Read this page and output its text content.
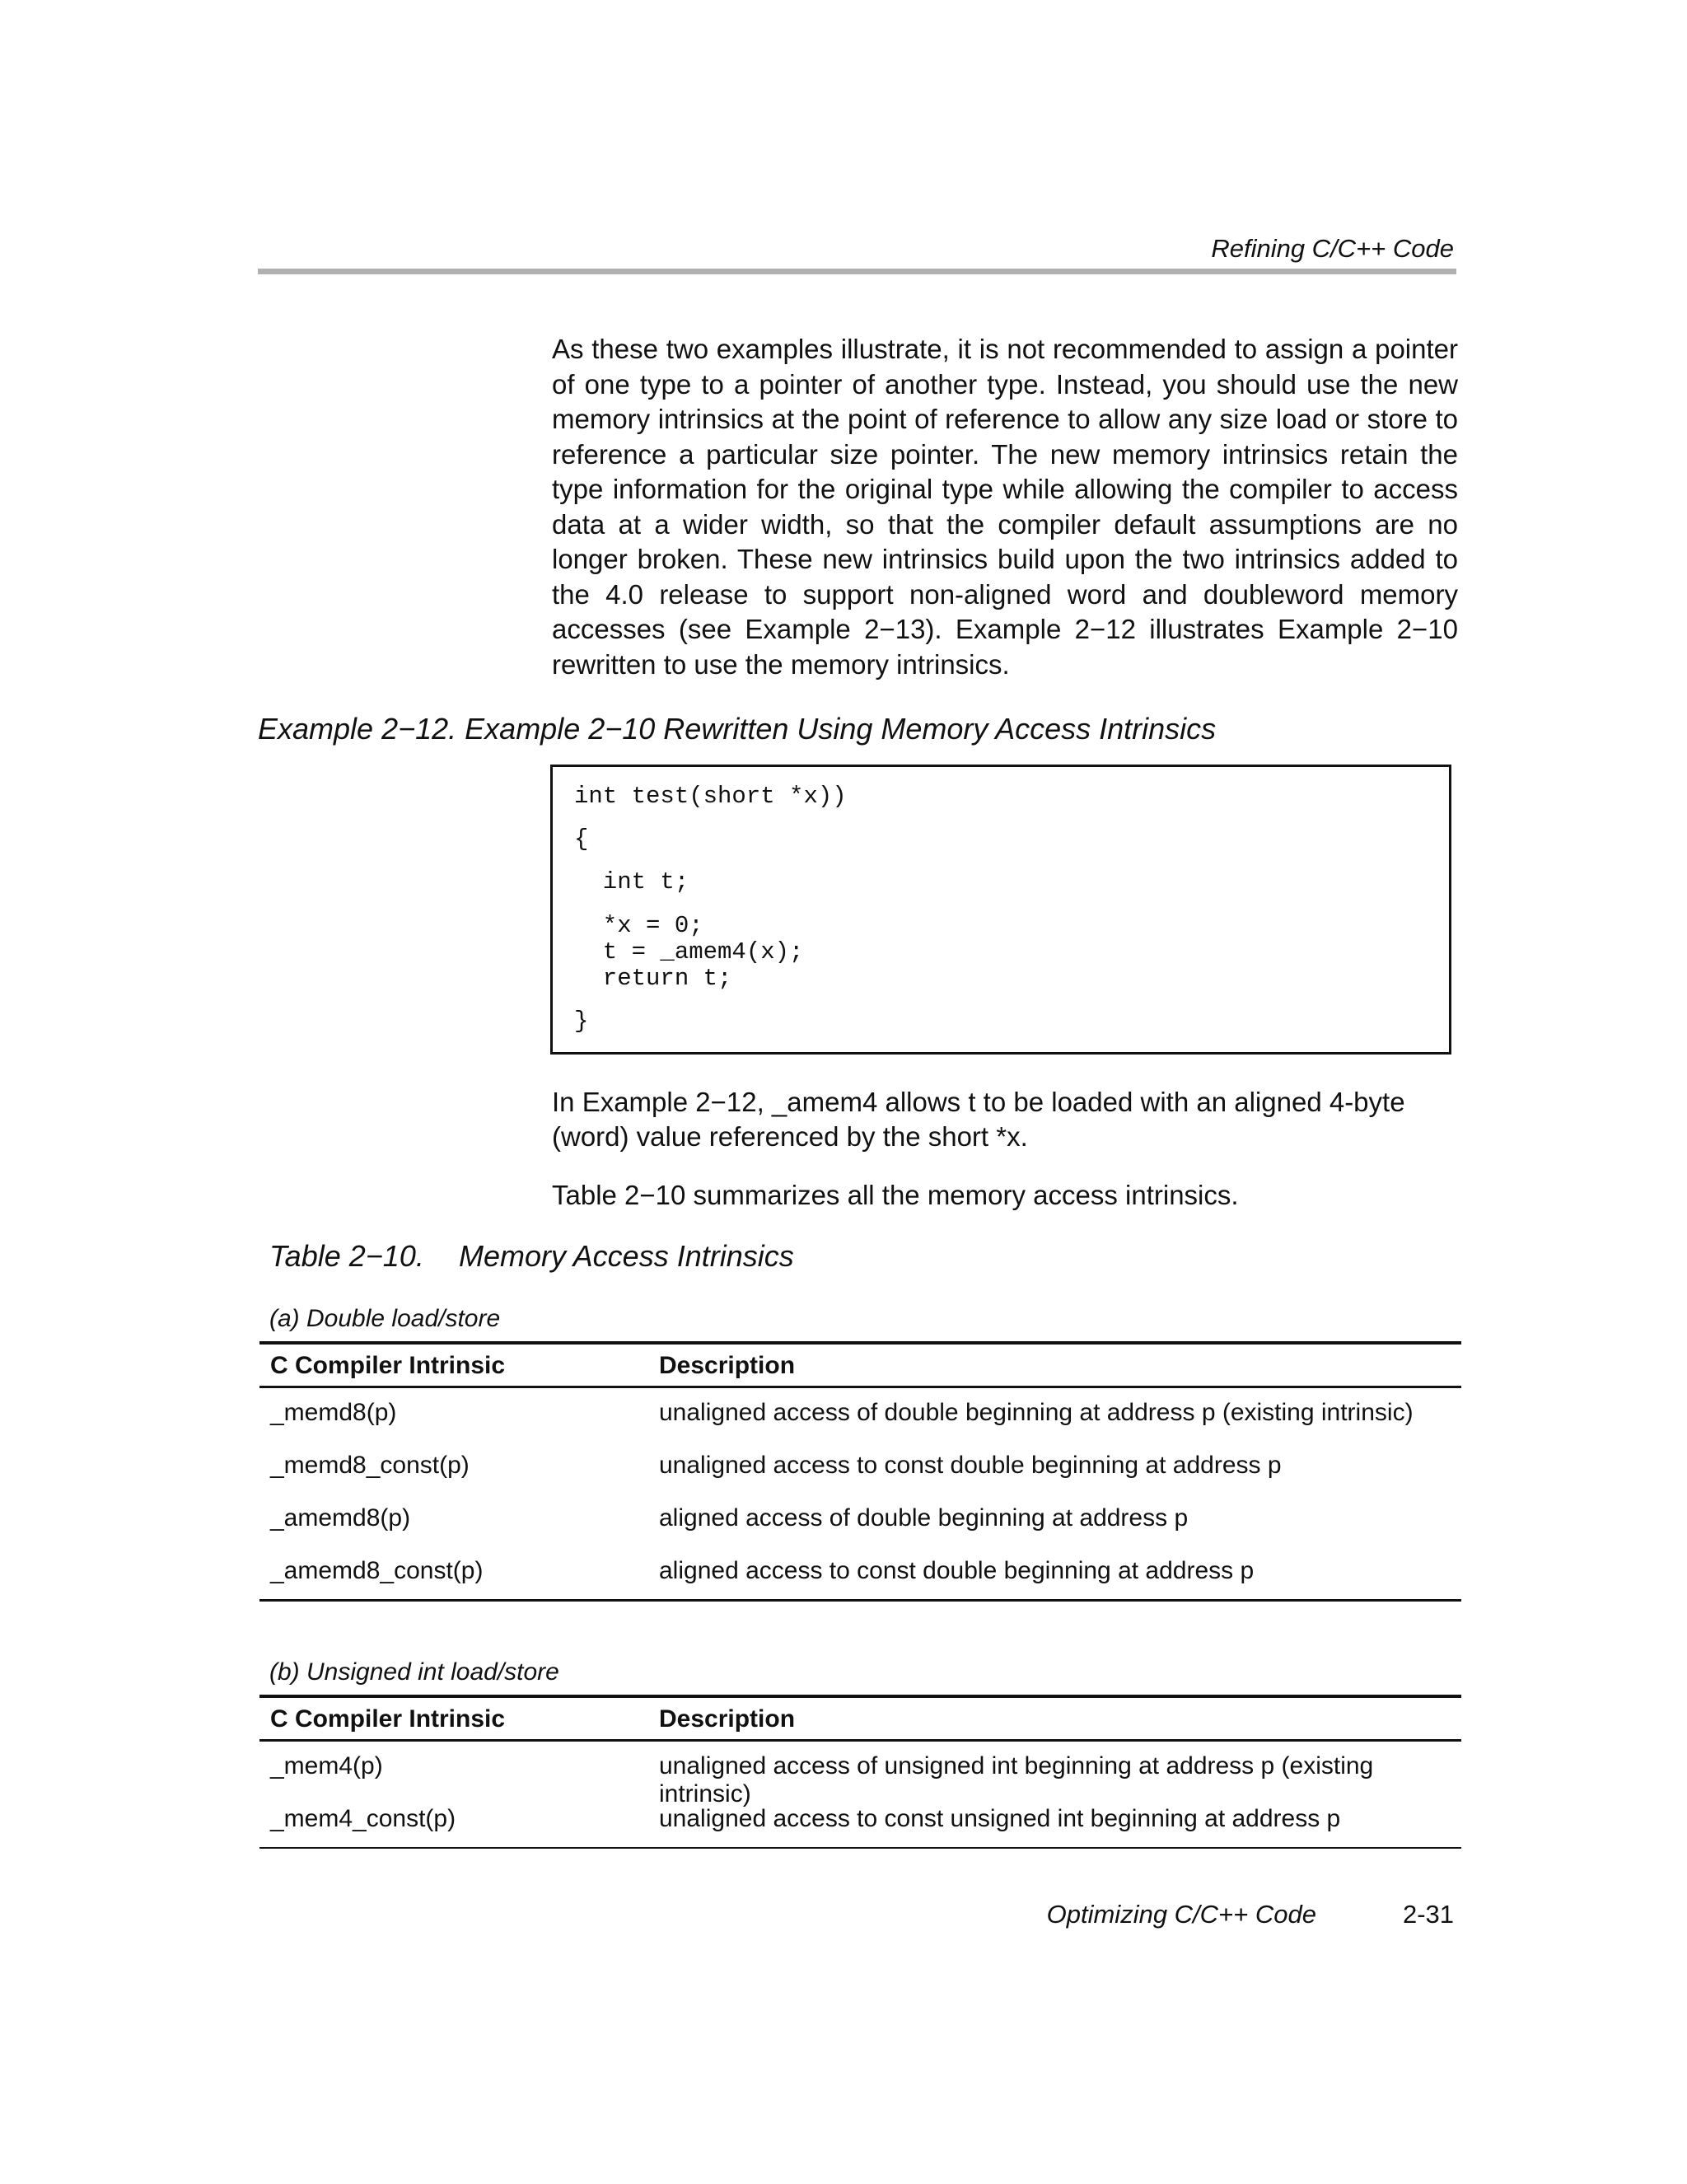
Refining C/C++ Code

As these two examples illustrate, it is not recommended to assign a pointer of one type to a pointer of another type. Instead, you should use the new memory intrinsics at the point of reference to allow any size load or store to reference a particular size pointer. The new memory intrinsics retain the type information for the original type while allowing the compiler to access data at a wider width, so that the compiler default assumptions are no longer broken. These new intrinsics build upon the two intrinsics added to the 4.0 release to support non-aligned word and doubleword memory accesses (see Example 2−13). Example 2−12 illustrates Example 2−10 rewritten to use the memory intrinsics.

Example 2−12. Example 2−10 Rewritten Using Memory Access Intrinsics
int test(short *x))
{
int t;
*x = 0;
t = _amem4(x);
return t;
}

In Example 2−12, _amem4 allows t to be loaded with an aligned 4-byte (word) value referenced by the short *x.

Table 2−10 summarizes all the memory access intrinsics.

Table 2−10. Memory Access Intrinsics
(a) Double load/store
C Compiler Intrinsic	Description
_memd8(p)	unaligned access of double beginning at address p (existing intrinsic)
_memd8_const(p)	unaligned access to const double beginning at address p
_amemd8(p)	aligned access of double beginning at address p
_amemd8_const(p)	aligned access to const double beginning at address p
(b) Unsigned int load/store
C Compiler Intrinsic	Description
_mem4(p)	unaligned access of unsigned int beginning at address p (existing intrinsic)
_mem4_const(p)	unaligned access to const unsigned int beginning at address p
Optimizing C/C++ Code	2-31
